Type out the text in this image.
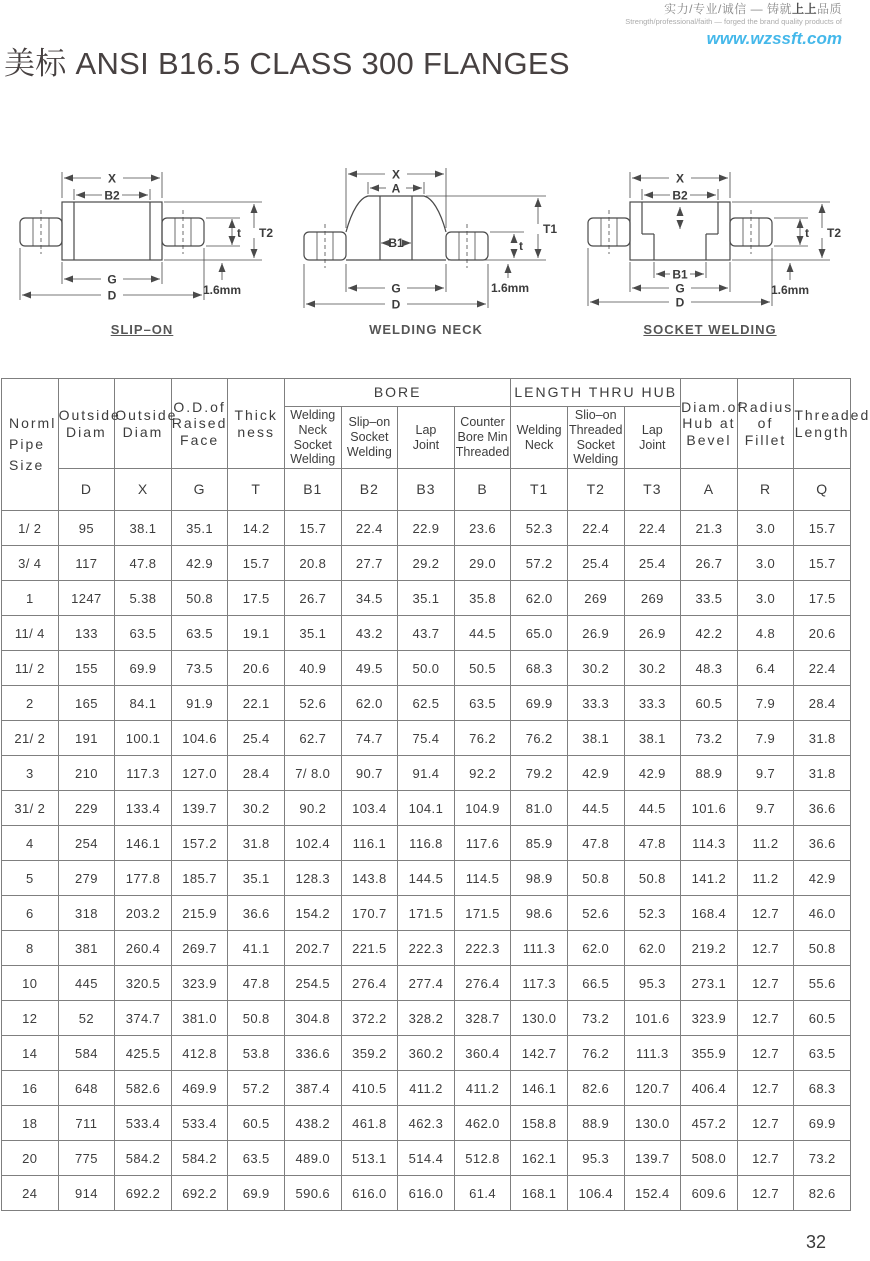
实力/专业/诚信 — 铸就上上品质
Strength/professional/faith — forged the brand quality products of
www.wzssft.com
美标 ANSI B16.5 CLASS 300 FLANGES
X
B2
G
D
t T2
1.6mm
SLIP–ON
X
A
B1
T1
t
1.6mm
G
D
WELDING NECK
X
B2
B1
G
D
t T2
1.6mm
SOCKET WELDING
Norml
Pipe
Size	Outside
Diam	Outside
Diam	O.D.of
Raised
Face	Thick
ness	BORE				LENGTH THRU HUB			Diam.of
Hub at
Bevel	Radius
of
Fillet	Threaded
Length
					Welding
Neck
Socket
Welding	Slip–on
Socket
Welding	Lap
Joint	Counter
Bore Min
Threaded	Welding
Neck	Slio–on
Threaded
Socket
Welding	Lap
Joint			
	D	X	G	T	B1	B2	B3	B	T1	T2	T3	A	R	Q
1/ 2	95	38.1	35.1	14.2	15.7	22.4	22.9	23.6	52.3	22.4	22.4	21.3	3.0	15.7
3/ 4	117	47.8	42.9	15.7	20.8	27.7	29.2	29.0	57.2	25.4	25.4	26.7	3.0	15.7
1	1247	5.38	50.8	17.5	26.7	34.5	35.1	35.8	62.0	269	269	33.5	3.0	17.5
11/ 4	133	63.5	63.5	19.1	35.1	43.2	43.7	44.5	65.0	26.9	26.9	42.2	4.8	20.6
11/ 2	155	69.9	73.5	20.6	40.9	49.5	50.0	50.5	68.3	30.2	30.2	48.3	6.4	22.4
2	165	84.1	91.9	22.1	52.6	62.0	62.5	63.5	69.9	33.3	33.3	60.5	7.9	28.4
21/ 2	191	100.1	104.6	25.4	62.7	74.7	75.4	76.2	76.2	38.1	38.1	73.2	7.9	31.8
3	210	117.3	127.0	28.4	7/ 8.0	90.7	91.4	92.2	79.2	42.9	42.9	88.9	9.7	31.8
31/ 2	229	133.4	139.7	30.2	90.2	103.4	104.1	104.9	81.0	44.5	44.5	101.6	9.7	36.6
4	254	146.1	157.2	31.8	102.4	116.1	116.8	117.6	85.9	47.8	47.8	114.3	11.2	36.6
5	279	177.8	185.7	35.1	128.3	143.8	144.5	114.5	98.9	50.8	50.8	141.2	11.2	42.9
6	318	203.2	215.9	36.6	154.2	170.7	171.5	171.5	98.6	52.6	52.3	168.4	12.7	46.0
8	381	260.4	269.7	41.1	202.7	221.5	222.3	222.3	111.3	62.0	62.0	219.2	12.7	50.8
10	445	320.5	323.9	47.8	254.5	276.4	277.4	276.4	117.3	66.5	95.3	273.1	12.7	55.6
12	52	374.7	381.0	50.8	304.8	372.2	328.2	328.7	130.0	73.2	101.6	323.9	12.7	60.5
14	584	425.5	412.8	53.8	336.6	359.2	360.2	360.4	142.7	76.2	111.3	355.9	12.7	63.5
16	648	582.6	469.9	57.2	387.4	410.5	411.2	411.2	146.1	82.6	120.7	406.4	12.7	68.3
18	711	533.4	533.4	60.5	438.2	461.8	462.3	462.0	158.8	88.9	130.0	457.2	12.7	69.9
20	775	584.2	584.2	63.5	489.0	513.1	514.4	512.8	162.1	95.3	139.7	508.0	12.7	73.2
24	914	692.2	692.2	69.9	590.6	616.0	616.0	61.4	168.1	106.4	152.4	609.6	12.7	82.6
32
